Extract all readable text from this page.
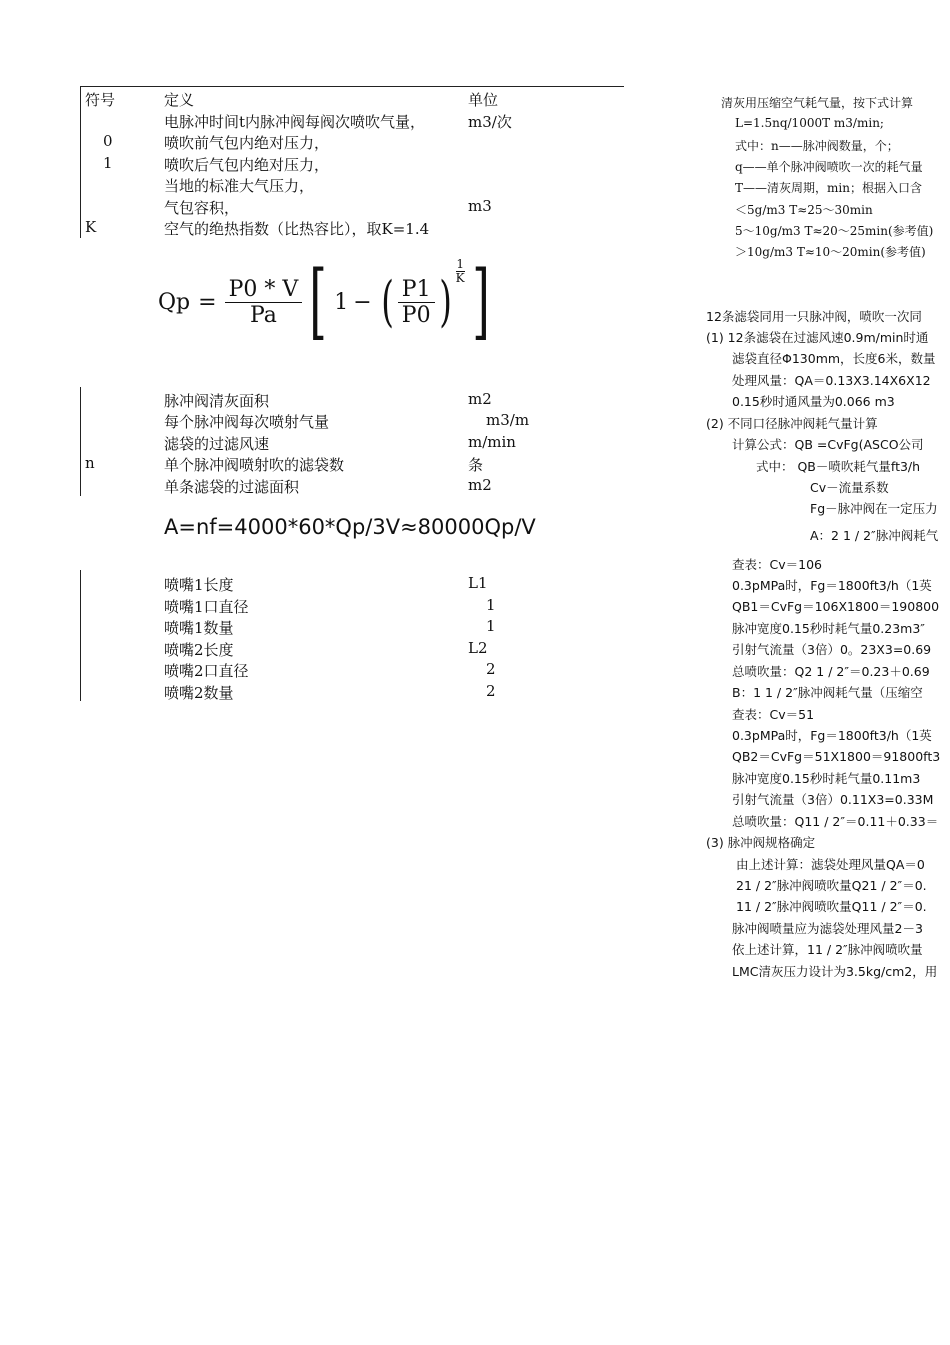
符号	定义	单位
电脉冲时间t内脉冲阀每阀次喷吹气量，	m3/次
0	喷吹前气包内绝对压力，
1	喷吹后气包内绝对压力，
当地的标准大气压力，
气包容积，	m3
K	空气的绝热指数（比热容比），取K=1.4
$Qp = \frac{P0 * V}{Pa}$ [ 1 − ( $\frac{P1}{P0}$ ) $\frac{1}{K}$ ]
脉冲阀清灰面积	m2
每个脉冲阀每次喷射气量	m3/m
滤袋的过滤风速	m/min
n	单个脉冲阀喷射吹的滤袋数	条
单条滤袋的过滤面积	m2
A=nf=4000*60*Qp/3V≈80000Qp/V
喷嘴1长度	L1
喷嘴1口直径	1
喷嘴1数量	1
喷嘴2长度	L2
喷嘴2口直径	2
喷嘴2数量	2
清灰用压缩空气耗气量，按下式计算
L=1.5nq/1000T m3/min;
式中：n——脉冲阀数量，个；
q——单个脉冲阀喷吹一次的耗气量
T——清灰周期，min；根据入口含
＜5g/m3 T≈25～30min
5～10g/m3 T≈20～25min(参考值)
＞10g/m3 T≈10～20min(参考值)
12条滤袋同用一只脉冲阀，喷吹一次同
(1) 12条滤袋在过滤风速0.9m/min时通
滤袋直径Φ130mm，长度6米，数量
处理风量：QA＝0.13X3.14X6X12
0.15秒时通风量为0.066 m3
(2) 不同口径脉冲阀耗气量计算
计算公式：QB =CvFg(ASCO公司
式中： QB－喷吹耗气量ft3/h
Cv－流量系数
Fg－脉冲阀在一定压力
A：2 1 / 2″脉冲阀耗气
查表：Cv＝106
0.3pMPa时，Fg＝1800ft3/h（1英
QB1＝CvFg＝106X1800＝190800
脉冲宽度0.15秒时耗气量0.23m3″
引射气流量（3倍）0。23X3=0.69
总喷吹量：Q2 1 / 2″＝0.23＋0.69
B：1 1 / 2″脉冲阀耗气量（压缩空
查表：Cv＝51
0.3pMPa时，Fg＝1800ft3/h（1英
QB2＝CvFg＝51X1800＝91800ft3
脉冲宽度0.15秒时耗气量0.11m3
引射气流量（3倍）0.11X3=0.33M
总喷吹量：Q11 / 2″＝0.11＋0.33＝
(3) 脉冲阀规格确定
由上述计算：滤袋处理风量QA＝0
21 / 2″脉冲阀喷吹量Q21 / 2″＝0.
11 / 2″脉冲阀喷吹量Q11 / 2″＝0.
脉冲阀喷量应为滤袋处理风量2－3
依上述计算，11 / 2″脉冲阀喷吹量
LMC清灰压力设计为3.5kg/cm2，用
